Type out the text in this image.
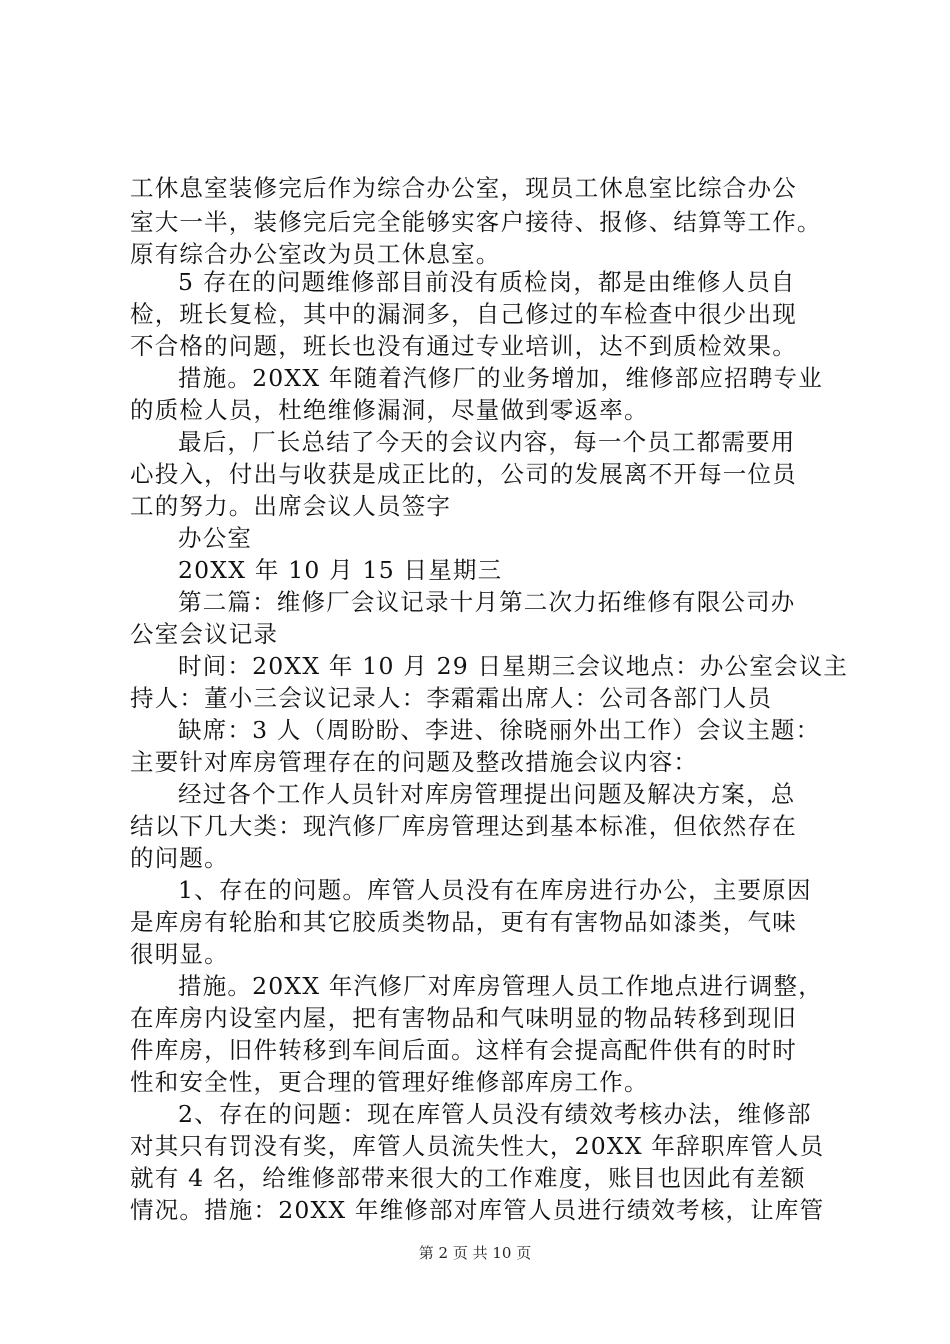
工休息室装修完后作为综合办公室，现员工休息室比综合办公
室大一半，装修完后完全能够实客户接待、报修、结算等工作。
原有综合办公室改为员工休息室。
5 存在的问题维修部目前没有质检岗，都是由维修人员自
检，班长复检，其中的漏洞多，自己修过的车检查中很少出现
不合格的问题，班长也没有通过专业培训，达不到质检效果。
措施。20XX 年随着汽修厂的业务增加，维修部应招聘专业
的质检人员，杜绝维修漏洞，尽量做到零返率。
最后，厂长总结了今天的会议内容，每一个员工都需要用
心投入，付出与收获是成正比的，公司的发展离不开每一位员
工的努力。出席会议人员签字
办公室
20XX 年 10 月 15 日星期三
第二篇：维修厂会议记录十月第二次力拓维修有限公司办
公室会议记录
时间：20XX 年 10 月 29 日星期三会议地点：办公室会议主
持人：董小三会议记录人：李霜霜出席人：公司各部门人员
缺席：3 人（周盼盼、李进、徐晓丽外出工作）会议主题：
主要针对库房管理存在的问题及整改措施会议内容：
经过各个工作人员针对库房管理提出问题及解决方案，总
结以下几大类：现汽修厂库房管理达到基本标准，但依然存在
的问题。
1、存在的问题。库管人员没有在库房进行办公，主要原因
是库房有轮胎和其它胶质类物品，更有有害物品如漆类，气味
很明显。
措施。20XX 年汽修厂对库房管理人员工作地点进行调整，
在库房内设室内屋，把有害物品和气味明显的物品转移到现旧
件库房，旧件转移到车间后面。这样有会提高配件供有的时时
性和安全性，更合理的管理好维修部库房工作。
2、存在的问题：现在库管人员没有绩效考核办法，维修部
对其只有罚没有奖，库管人员流失性大，20XX 年辞职库管人员
就有 4 名，给维修部带来很大的工作难度，账目也因此有差额
情况。措施：20XX 年维修部对库管人员进行绩效考核，让库管
第 2 页 共 10 页
